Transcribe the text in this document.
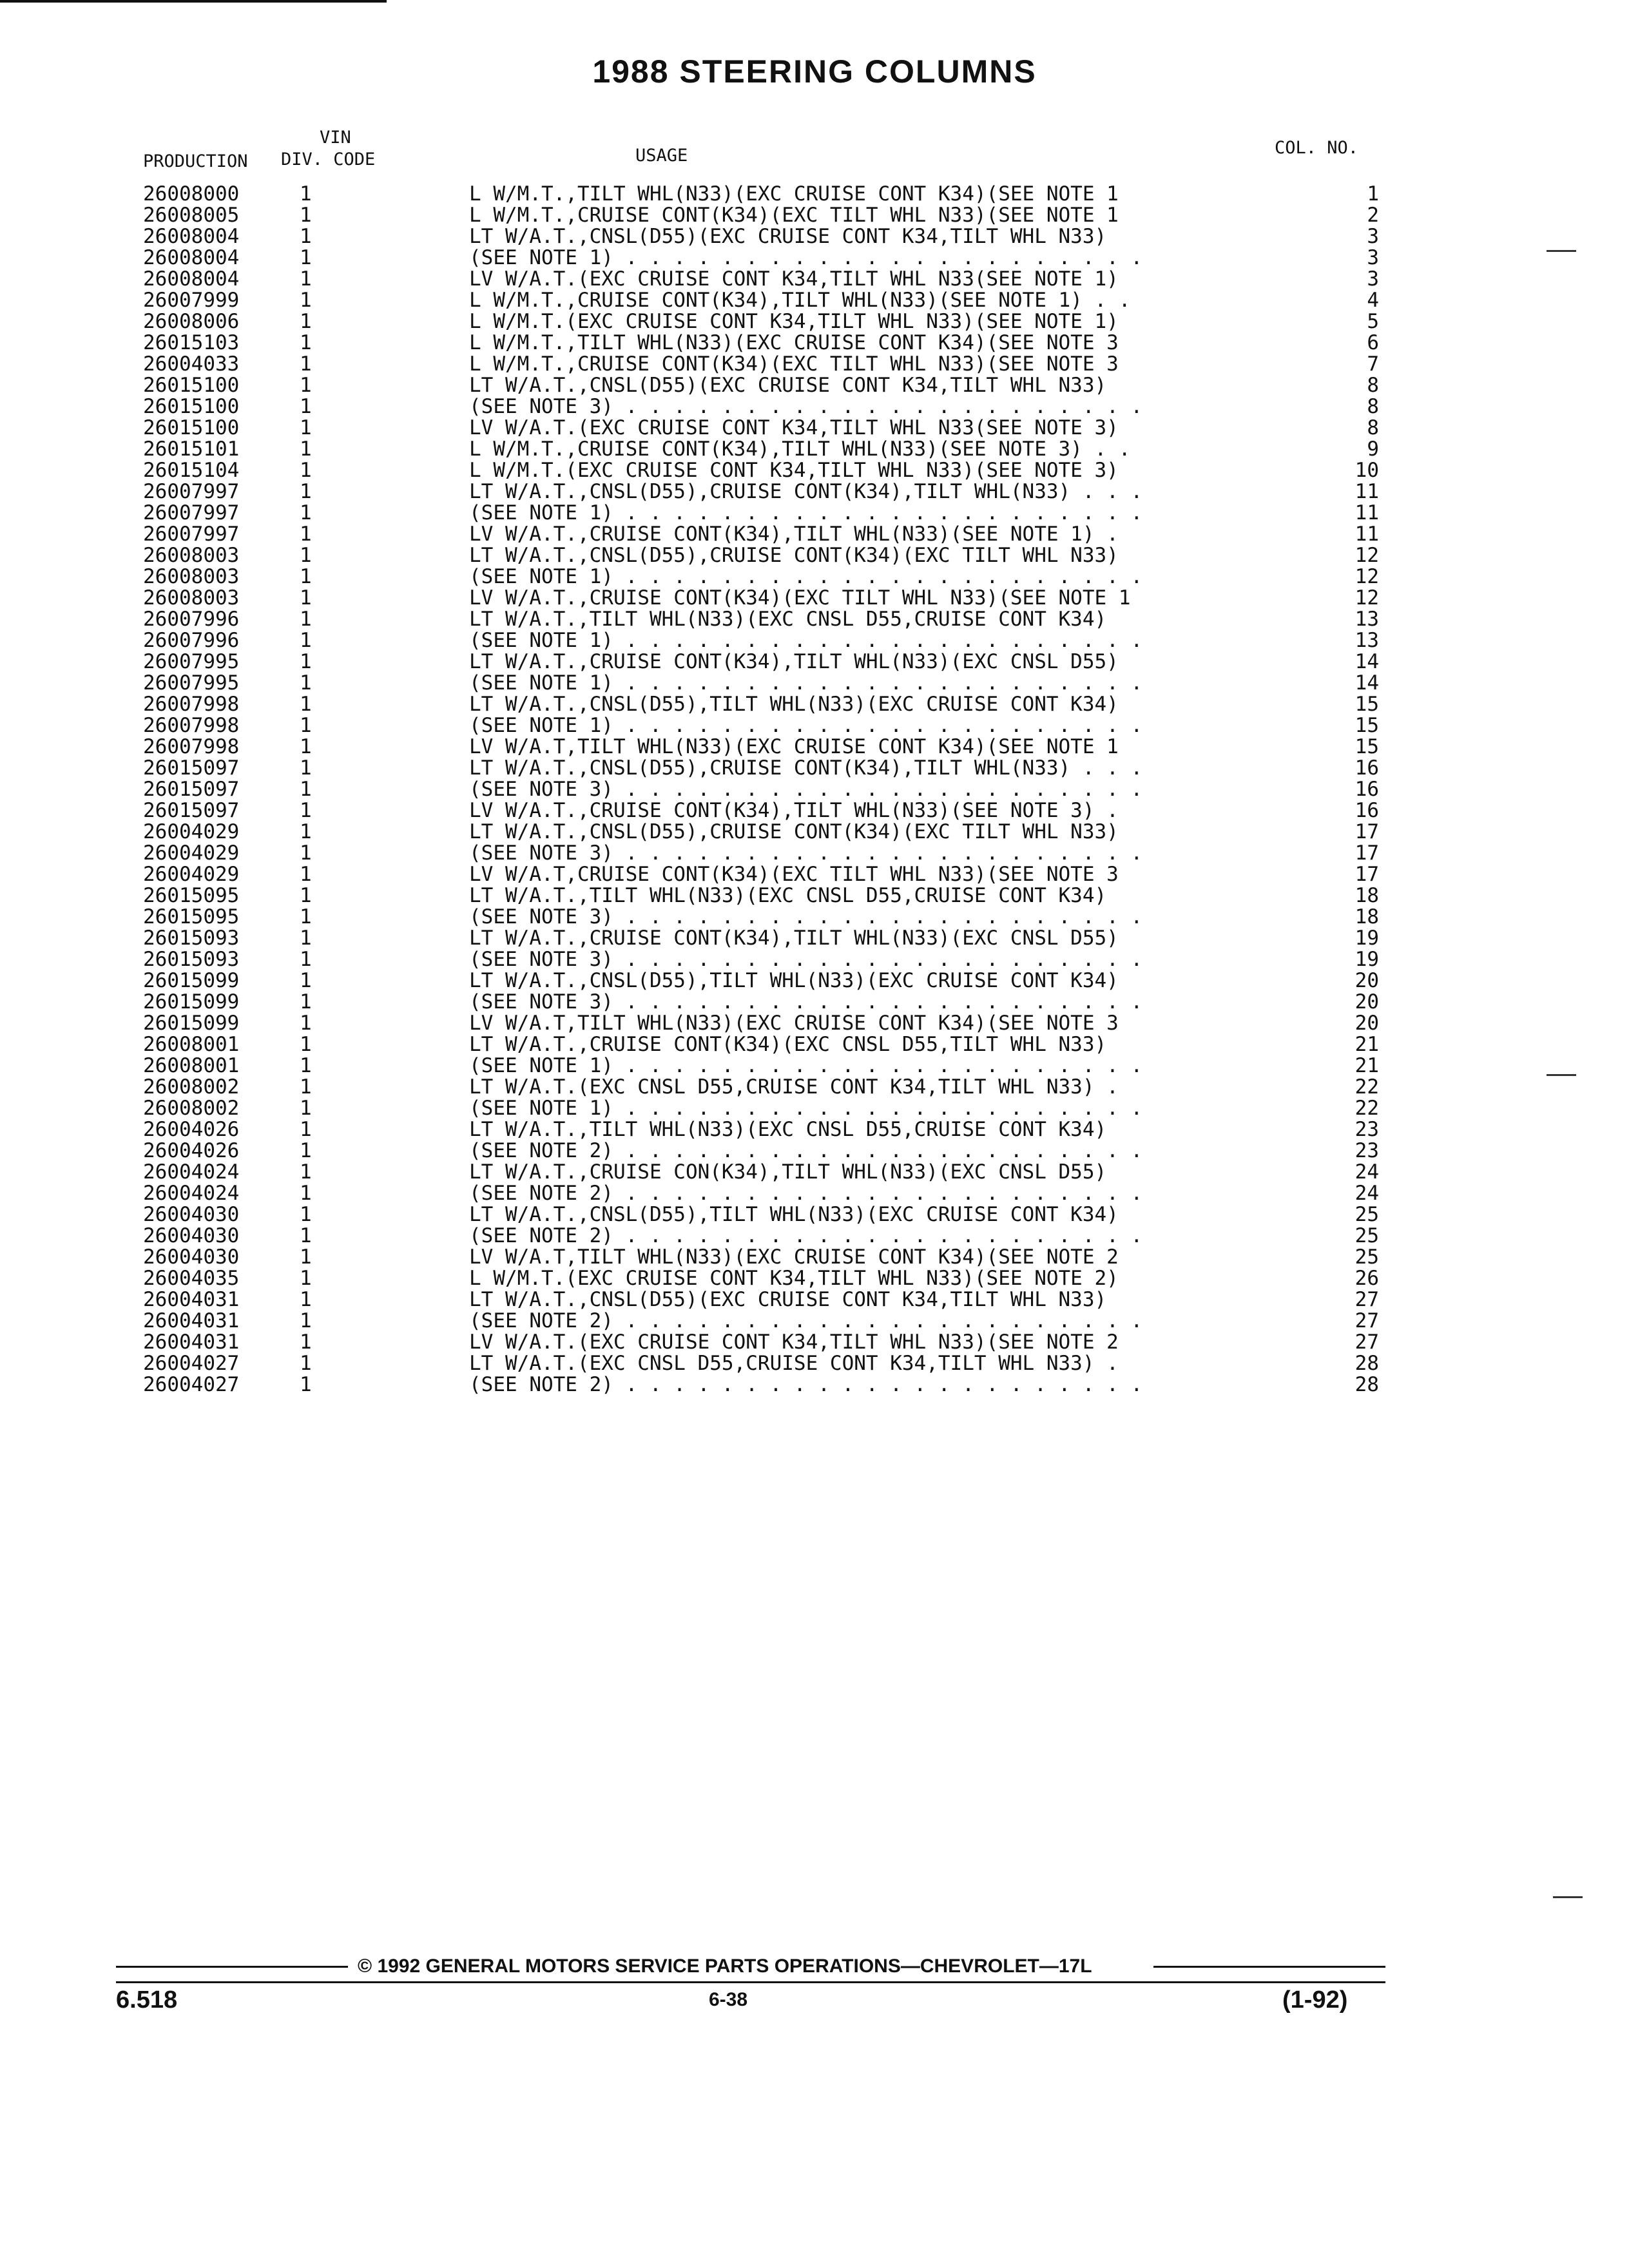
1988 STEERING COLUMNS
PRODUCTION
VIN
DIV. CODE	USAGE	COL. NO.
26008000	1	L W/M.T.,TILT WHL(N33)(EXC CRUISE CONT K34)(SEE NOTE 1	1
26008005	1	L W/M.T.,CRUISE CONT(K34)(EXC TILT WHL N33)(SEE NOTE 1	2
26008004	1	LT W/A.T.,CNSL(D55)(EXC CRUISE CONT K34,TILT WHL N33)	3
26008004	1	(SEE NOTE 1) . . . . . . . . . . . . . . . . . . . . . .	3
26008004	1	LV W/A.T.(EXC CRUISE CONT K34,TILT WHL N33(SEE NOTE 1)	3
26007999	1	L W/M.T.,CRUISE CONT(K34),TILT WHL(N33)(SEE NOTE 1) . .	4
26008006	1	L W/M.T.(EXC CRUISE CONT K34,TILT WHL N33)(SEE NOTE 1)	5
26015103	1	L W/M.T.,TILT WHL(N33)(EXC CRUISE CONT K34)(SEE NOTE 3	6
26004033	1	L W/M.T.,CRUISE CONT(K34)(EXC TILT WHL N33)(SEE NOTE 3	7
26015100	1	LT W/A.T.,CNSL(D55)(EXC CRUISE CONT K34,TILT WHL N33)	8
26015100	1	(SEE NOTE 3) . . . . . . . . . . . . . . . . . . . . . .	8
26015100	1	LV W/A.T.(EXC CRUISE CONT K34,TILT WHL N33(SEE NOTE 3)	8
26015101	1	L W/M.T.,CRUISE CONT(K34),TILT WHL(N33)(SEE NOTE 3) . .	9
26015104	1	L W/M.T.(EXC CRUISE CONT K34,TILT WHL N33)(SEE NOTE 3)	10
26007997	1	LT W/A.T.,CNSL(D55),CRUISE CONT(K34),TILT WHL(N33) . . .	11
26007997	1	(SEE NOTE 1) . . . . . . . . . . . . . . . . . . . . . .	11
26007997	1	LV W/A.T.,CRUISE CONT(K34),TILT WHL(N33)(SEE NOTE 1) .	11
26008003	1	LT W/A.T.,CNSL(D55),CRUISE CONT(K34)(EXC TILT WHL N33)	12
26008003	1	(SEE NOTE 1) . . . . . . . . . . . . . . . . . . . . . .	12
26008003	1	LV W/A.T.,CRUISE CONT(K34)(EXC TILT WHL N33)(SEE NOTE 1	12
26007996	1	LT W/A.T.,TILT WHL(N33)(EXC CNSL D55,CRUISE CONT K34)	13
26007996	1	(SEE NOTE 1) . . . . . . . . . . . . . . . . . . . . . .	13
26007995	1	LT W/A.T.,CRUISE CONT(K34),TILT WHL(N33)(EXC CNSL D55)	14
26007995	1	(SEE NOTE 1) . . . . . . . . . . . . . . . . . . . . . .	14
26007998	1	LT W/A.T.,CNSL(D55),TILT WHL(N33)(EXC CRUISE CONT K34)	15
26007998	1	(SEE NOTE 1) . . . . . . . . . . . . . . . . . . . . . .	15
26007998	1	LV W/A.T,TILT WHL(N33)(EXC CRUISE CONT K34)(SEE NOTE 1	15
26015097	1	LT W/A.T.,CNSL(D55),CRUISE CONT(K34),TILT WHL(N33) . . .	16
26015097	1	(SEE NOTE 3) . . . . . . . . . . . . . . . . . . . . . .	16
26015097	1	LV W/A.T.,CRUISE CONT(K34),TILT WHL(N33)(SEE NOTE 3) .	16
26004029	1	LT W/A.T.,CNSL(D55),CRUISE CONT(K34)(EXC TILT WHL N33)	17
26004029	1	(SEE NOTE 3) . . . . . . . . . . . . . . . . . . . . . .	17
26004029	1	LV W/A.T,CRUISE CONT(K34)(EXC TILT WHL N33)(SEE NOTE 3	17
26015095	1	LT W/A.T.,TILT WHL(N33)(EXC CNSL D55,CRUISE CONT K34)	18
26015095	1	(SEE NOTE 3) . . . . . . . . . . . . . . . . . . . . . .	18
26015093	1	LT W/A.T.,CRUISE CONT(K34),TILT WHL(N33)(EXC CNSL D55)	19
26015093	1	(SEE NOTE 3) . . . . . . . . . . . . . . . . . . . . . .	19
26015099	1	LT W/A.T.,CNSL(D55),TILT WHL(N33)(EXC CRUISE CONT K34)	20
26015099	1	(SEE NOTE 3) . . . . . . . . . . . . . . . . . . . . . .	20
26015099	1	LV W/A.T,TILT WHL(N33)(EXC CRUISE CONT K34)(SEE NOTE 3	20
26008001	1	LT W/A.T.,CRUISE CONT(K34)(EXC CNSL D55,TILT WHL N33)	21
26008001	1	(SEE NOTE 1) . . . . . . . . . . . . . . . . . . . . . .	21
26008002	1	LT W/A.T.(EXC CNSL D55,CRUISE CONT K34,TILT WHL N33) .	22
26008002	1	(SEE NOTE 1) . . . . . . . . . . . . . . . . . . . . . .	22
26004026	1	LT W/A.T.,TILT WHL(N33)(EXC CNSL D55,CRUISE CONT K34)	23
26004026	1	(SEE NOTE 2) . . . . . . . . . . . . . . . . . . . . . .	23
26004024	1	LT W/A.T.,CRUISE CON(K34),TILT WHL(N33)(EXC CNSL D55)	24
26004024	1	(SEE NOTE 2) . . . . . . . . . . . . . . . . . . . . . .	24
26004030	1	LT W/A.T.,CNSL(D55),TILT WHL(N33)(EXC CRUISE CONT K34)	25
26004030	1	(SEE NOTE 2) . . . . . . . . . . . . . . . . . . . . . .	25
26004030	1	LV W/A.T,TILT WHL(N33)(EXC CRUISE CONT K34)(SEE NOTE 2	25
26004035	1	L W/M.T.(EXC CRUISE CONT K34,TILT WHL N33)(SEE NOTE 2)	26
26004031	1	LT W/A.T.,CNSL(D55)(EXC CRUISE CONT K34,TILT WHL N33)	27
26004031	1	(SEE NOTE 2) . . . . . . . . . . . . . . . . . . . . . .	27
26004031	1	LV W/A.T.(EXC CRUISE CONT K34,TILT WHL N33)(SEE NOTE 2	27
26004027	1	LT W/A.T.(EXC CNSL D55,CRUISE CONT K34,TILT WHL N33) .	28
26004027	1	(SEE NOTE 2) . . . . . . . . . . . . . . . . . . . . . .	28
© 1992 GENERAL MOTORS SERVICE PARTS OPERATIONS—CHEVROLET—17L
6.518	6-38	(1-92)
